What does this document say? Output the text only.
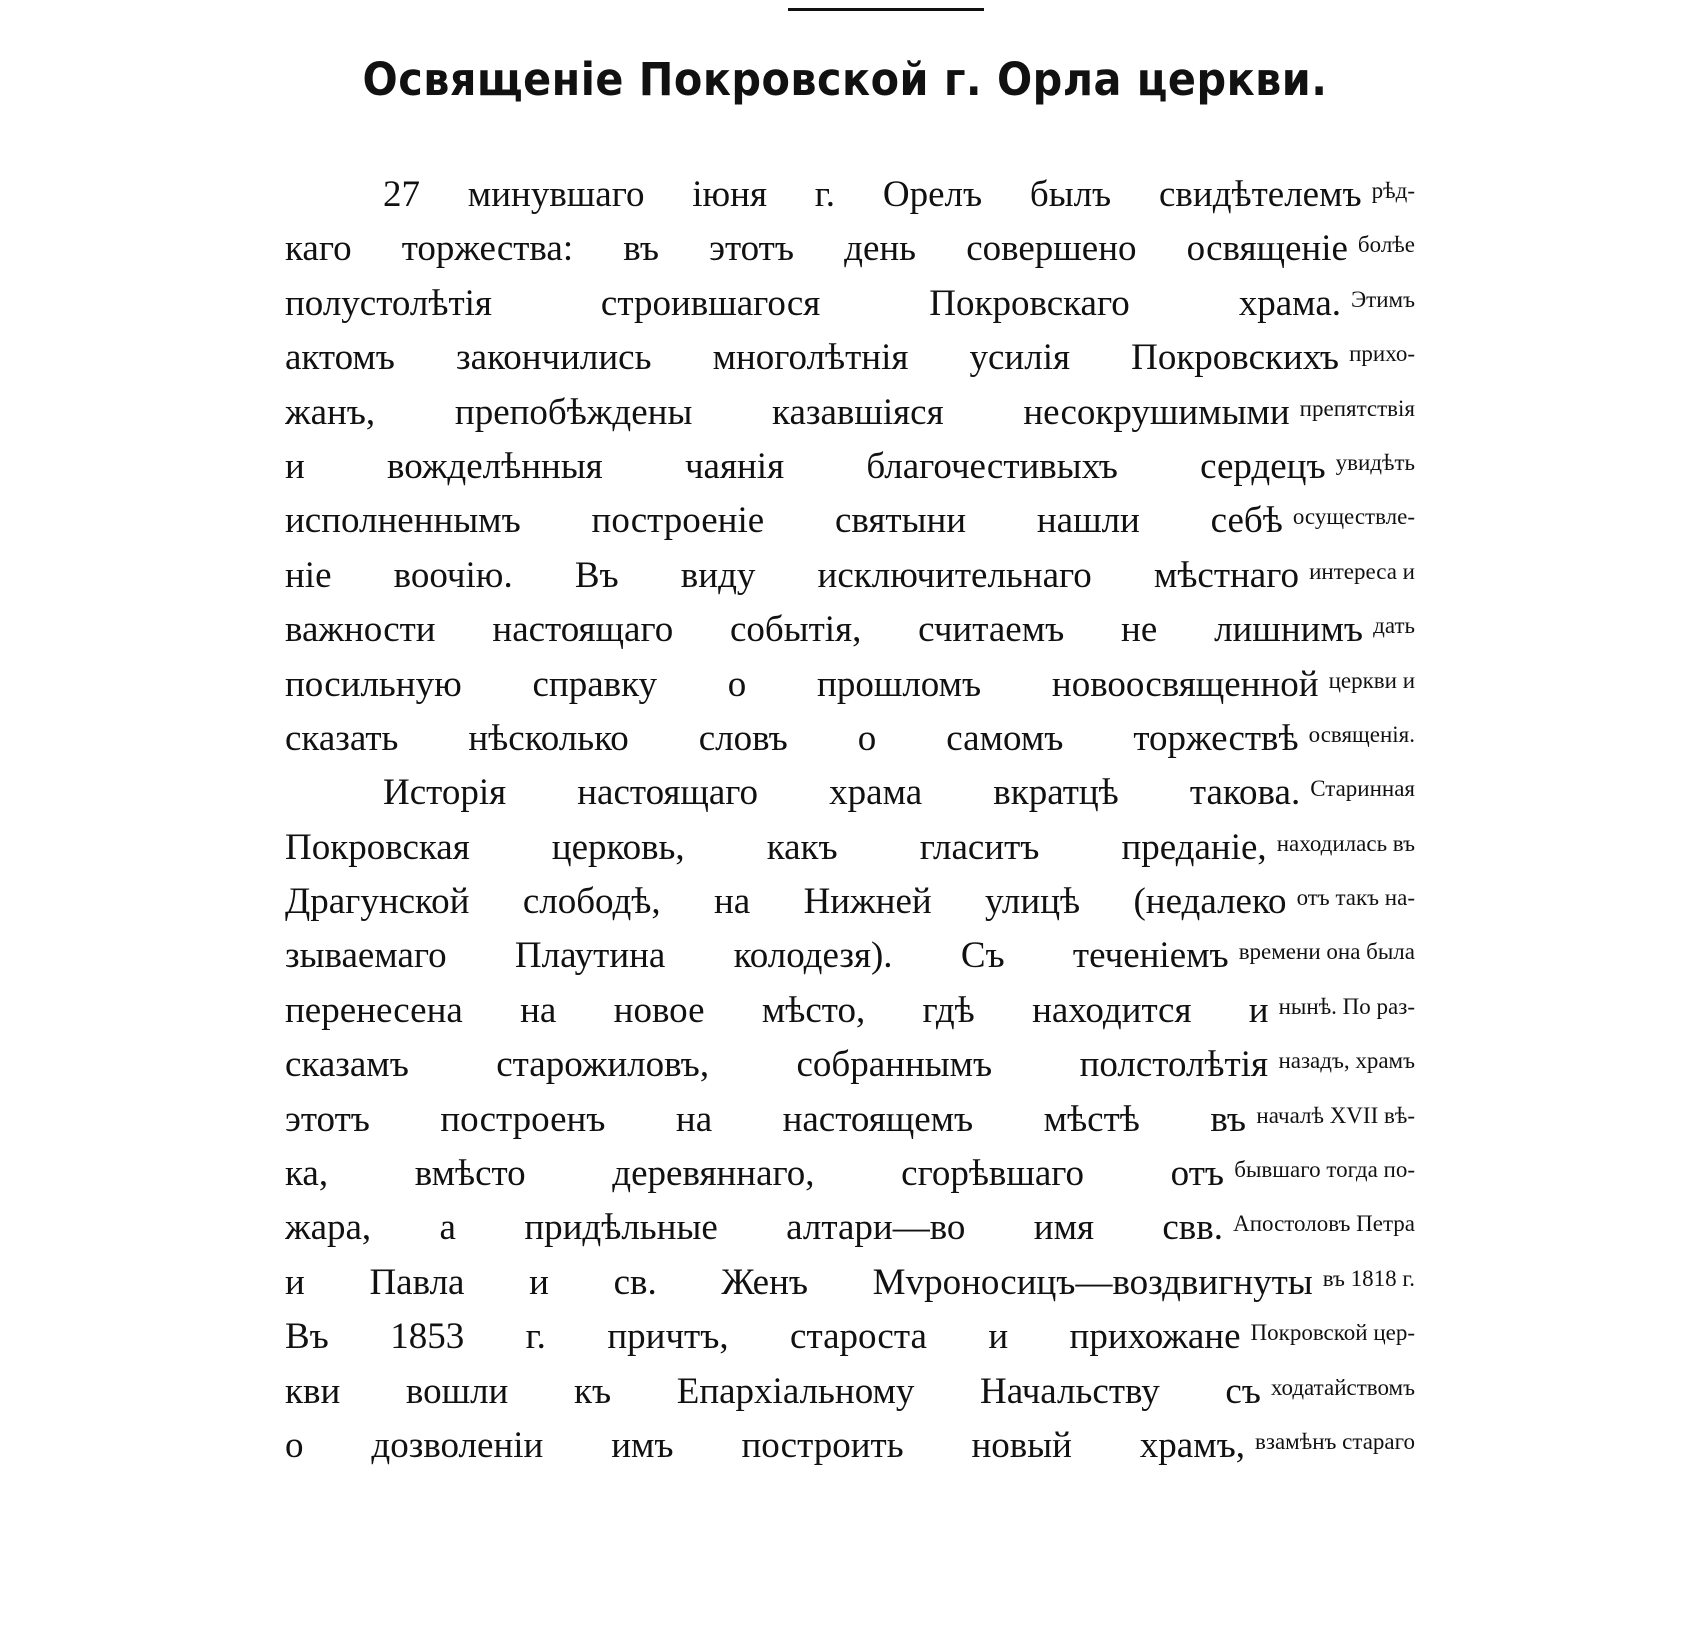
Освященіе Покровской г. Орла церкви.
27 минувшаго іюня г. Орелъ былъ свидѣтелемъ рѣд-
каго торжества: въ этотъ день совершено освященіе болѣе
полустолѣтія строившагося Покровскаго храма. Этимъ
актомъ закончились многолѣтнія усилія Покровскихъ прихо-
жанъ, препобѣждены казавшіяся несокрушимыми препятствія
и вожделѣнныя чаянія благочестивыхъ сердецъ увидѣть
исполненнымъ построеніе святыни нашли себѣ осуществле-
ніе воочію. Въ виду исключительнаго мѣстнаго интереса и
важности настоящаго событія, считаемъ не лишнимъ дать
посильную справку о прошломъ новоосвященной церкви и
сказать нѣсколько словъ о самомъ торжествѣ освященія.
Исторія настоящаго храма вкратцѣ такова. Старинная
Покровская церковь, какъ гласитъ преданіе, находилась въ
Драгунской слободѣ, на Нижней улицѣ (недалеко отъ такъ на-
зываемаго Плаутина колодезя). Съ теченіемъ времени она была
перенесена на новое мѣсто, гдѣ находится и нынѣ. По раз-
сказамъ старожиловъ, собраннымъ полстолѣтія назадъ, храмъ
этотъ построенъ на настоящемъ мѣстѣ въ началѣ XVII вѣ-
ка, вмѣсто деревяннаго, сгорѣвшаго отъ бывшаго тогда по-
жара, а придѣльные алтари—во имя свв. Апостоловъ Петра
и Павла и св. Женъ Мvроносицъ—воздвигнуты въ 1818 г.
Въ 1853 г. причтъ, староста и прихожане Покровской цер-
кви вошли къ Епархіальному Начальству съ ходатайствомъ
о дозволеніи имъ построить новый храмъ, взамѣнъ стараго
